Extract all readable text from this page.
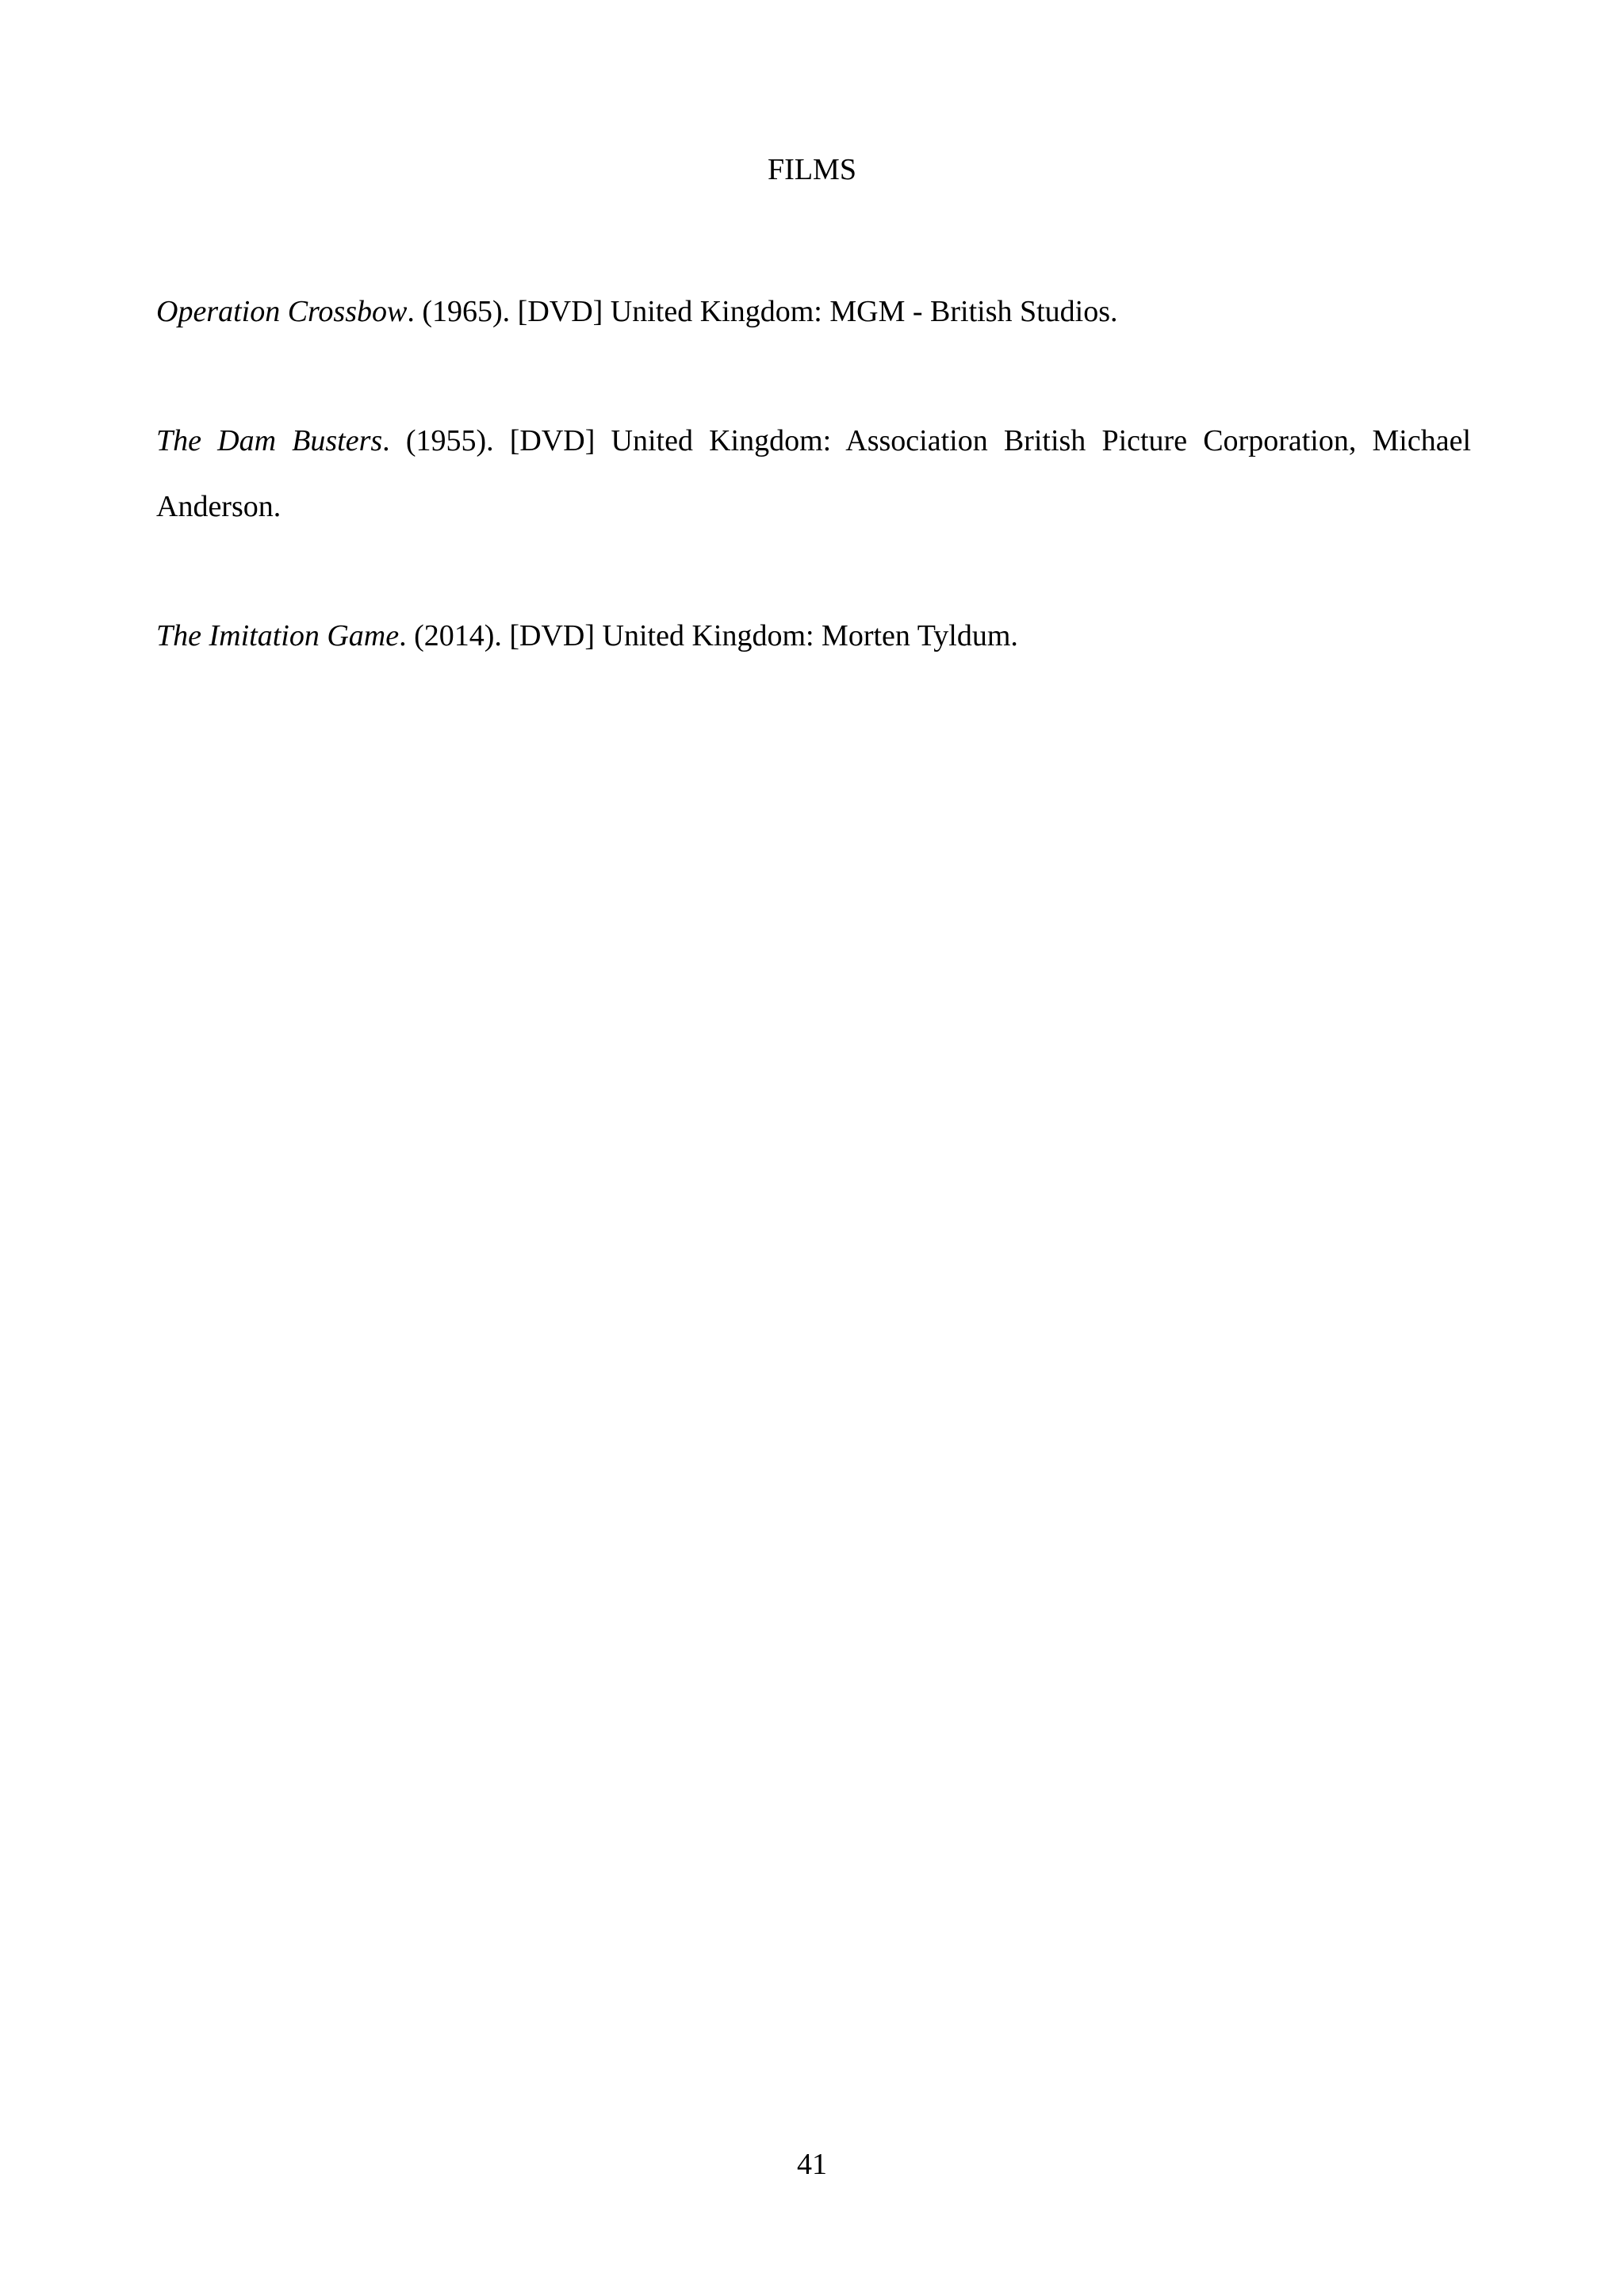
FILMS

Operation Crossbow. (1965). [DVD] United Kingdom: MGM - British Studios.

The Dam Busters. (1955). [DVD] United Kingdom: Association British Picture Corporation, Michael Anderson.

The Imitation Game. (2014). [DVD] United Kingdom: Morten Tyldum.

41
